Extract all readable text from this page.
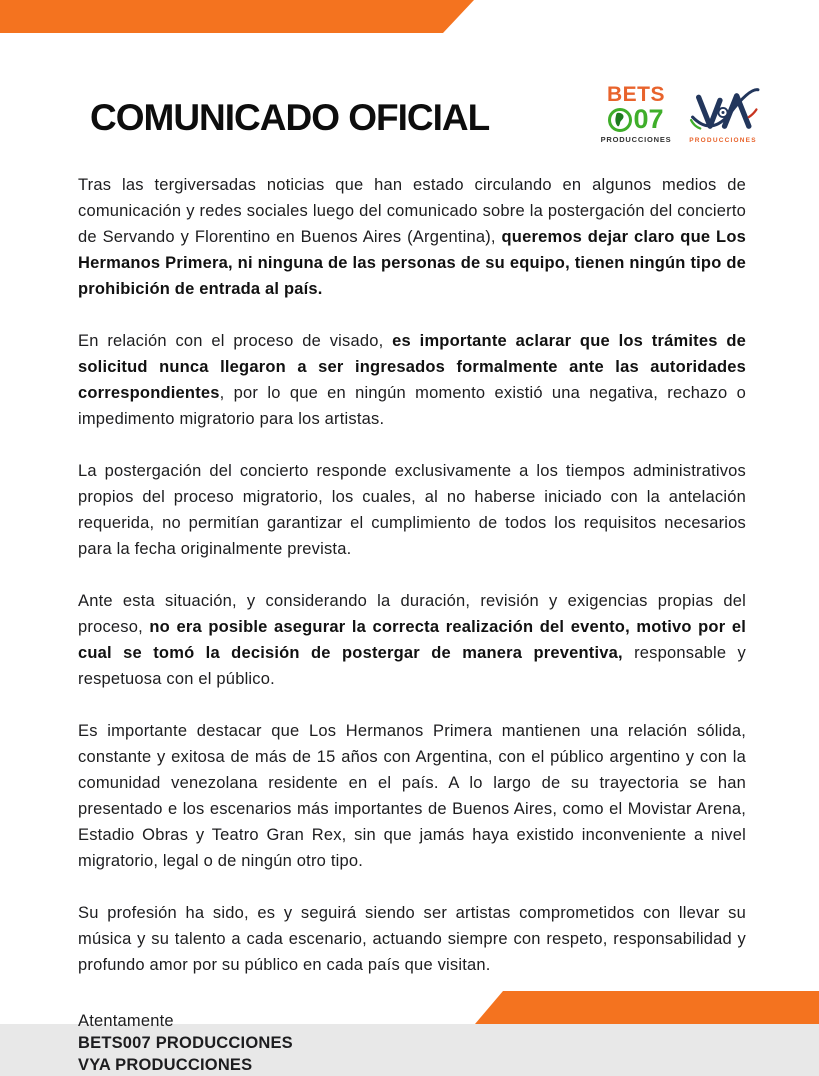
COMUNICADO OFICIAL
BETS
07
PRODUCCIONES	PRODUCCIONES

Tras las tergiversadas noticias que han estado circulando en algunos medios de comunicación y redes sociales luego del comunicado sobre la postergación del concierto de Servando y Florentino en Buenos Aires (Argentina), queremos dejar claro que Los Hermanos Primera, ni ninguna de las personas de su equipo, tienen ningún tipo de prohibición de entrada al país.

En relación con el proceso de visado, es importante aclarar que los trámites de solicitud nunca llegaron a ser ingresados formalmente ante las autoridades correspondientes, por lo que en ningún momento existió una negativa, rechazo o impedimento migratorio para los artistas.

La postergación del concierto responde exclusivamente a los tiempos administrativos propios del proceso migratorio, los cuales, al no haberse iniciado con la antelación requerida, no permitían garantizar el cumplimiento de todos los requisitos necesarios para la fecha originalmente prevista.

Ante esta situación, y considerando la duración, revisión y exigencias propias del proceso, no era posible asegurar la correcta realización del evento, motivo por el cual se tomó la decisión de postergar de manera preventiva, responsable y respetuosa con el público.

Es importante destacar que Los Hermanos Primera mantienen una relación sólida, constante y exitosa de más de 15 años con Argentina, con el público argentino y con la comunidad venezolana residente en el país. A lo largo de su trayectoria se han presentado e los escenarios más importantes de Buenos Aires, como el Movistar Arena, Estadio Obras y Teatro Gran Rex, sin que jamás haya existido inconveniente a nivel migratorio, legal o de ningún otro tipo.

Su profesión ha sido, es y seguirá siendo ser artistas comprometidos con llevar su música y su talento a cada escenario, actuando siempre con respeto, responsabilidad y profundo amor por su público en cada país que visitan.

Atentamente

BETS007 PRODUCCIONES

VYA PRODUCCIONES
